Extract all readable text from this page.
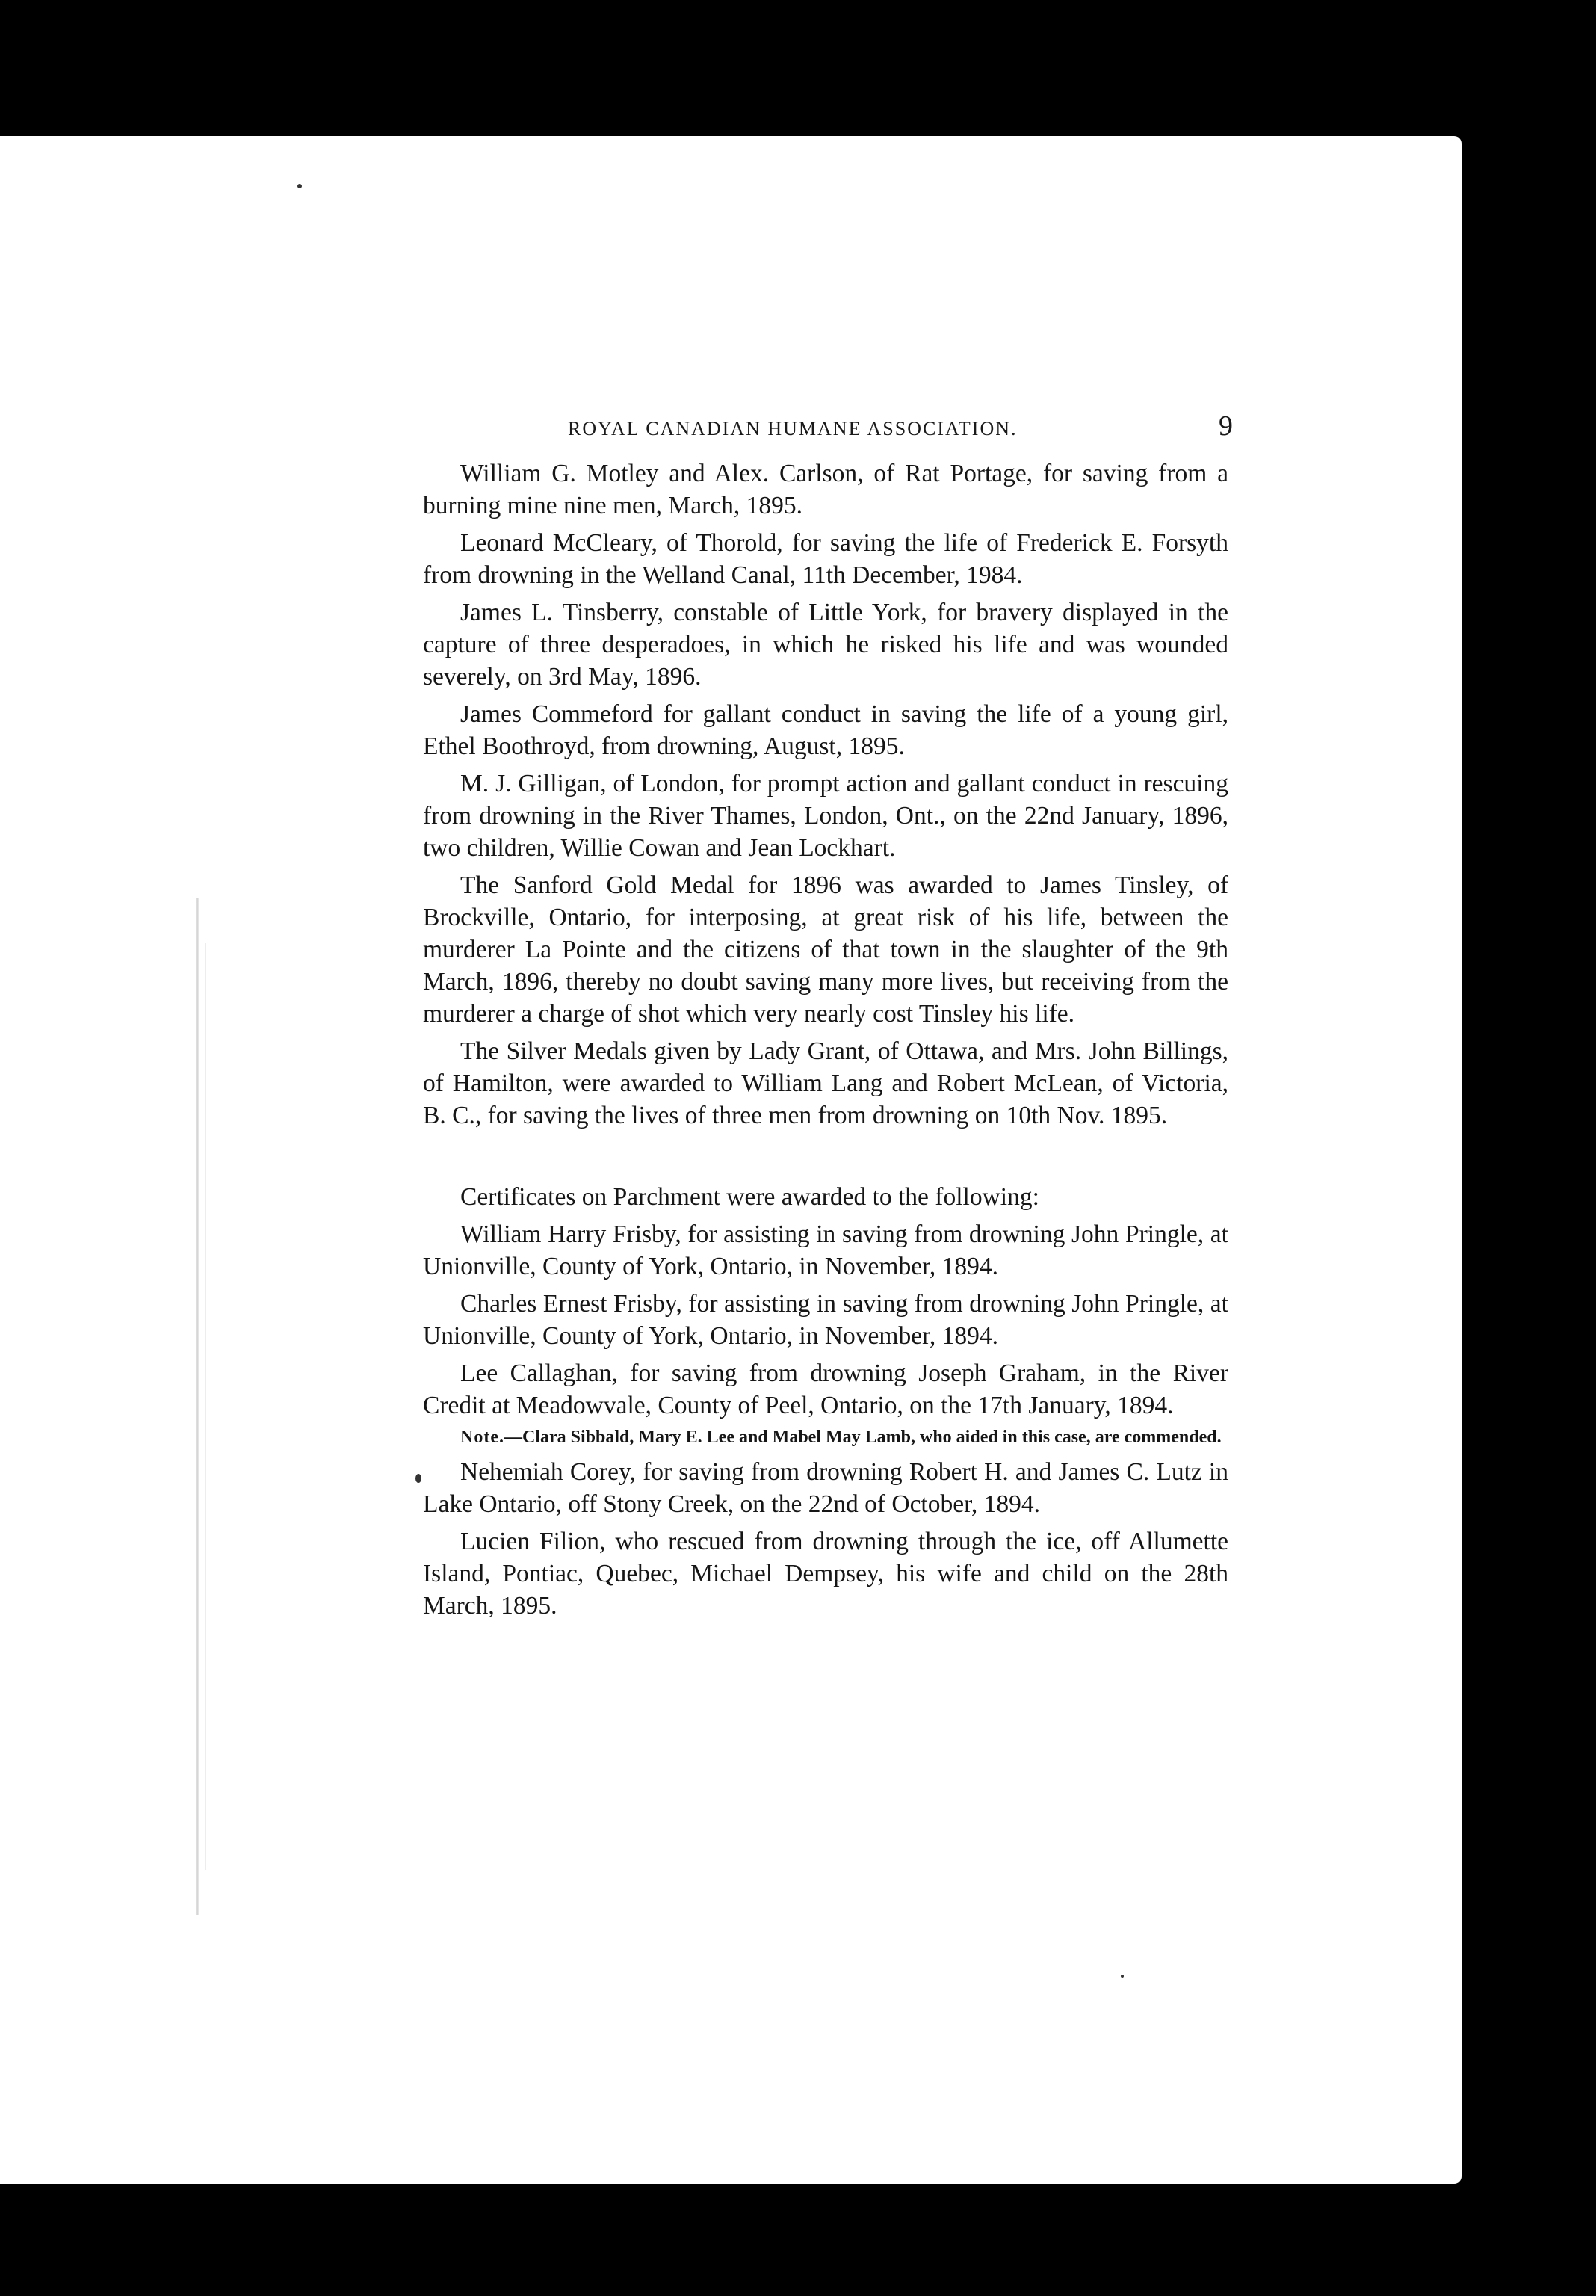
ROYAL CANADIAN HUMANE ASSOCIATION.	9

William G. Motley and Alex. Carlson, of Rat Portage, for saving from a burning mine nine men, March, 1895.

Leonard McCleary, of Thorold, for saving the life of Frederick E. Forsyth from drowning in the Welland Canal, 11th December, 1984.

James L. Tinsberry, constable of Little York, for bravery displayed in the capture of three desperadoes, in which he risked his life and was wounded severely, on 3rd May, 1896.

James Commeford for gallant conduct in saving the life of a young girl, Ethel Boothroyd, from drowning, August, 1895.

M. J. Gilligan, of London, for prompt action and gallant conduct in rescuing from drowning in the River Thames, London, Ont., on the 22nd January, 1896, two children, Willie Cowan and Jean Lockhart.

The Sanford Gold Medal for 1896 was awarded to James Tinsley, of Brockville, Ontario, for interposing, at great risk of his life, between the murderer La Pointe and the citizens of that town in the slaughter of the 9th March, 1896, thereby no doubt saving many more lives, but receiving from the murderer a charge of shot which very nearly cost Tinsley his life.

The Silver Medals given by Lady Grant, of Ottawa, and Mrs. John Billings, of Hamilton, were awarded to William Lang and Robert McLean, of Victoria, B. C., for saving the lives of three men from drowning on 10th Nov. 1895.

Certificates on Parchment were awarded to the following:

William Harry Frisby, for assisting in saving from drowning John Pringle, at Unionville, County of York, Ontario, in November, 1894.

Charles Ernest Frisby, for assisting in saving from drowning John Pringle, at Unionville, County of York, Ontario, in November, 1894.

Lee Callaghan, for saving from drowning Joseph Graham, in the River Credit at Meadowvale, County of Peel, Ontario, on the 17th January, 1894.

Note.—Clara Sibbald, Mary E. Lee and Mabel May Lamb, who aided in this case, are commended.

Nehemiah Corey, for saving from drowning Robert H. and James C. Lutz in Lake Ontario, off Stony Creek, on the 22nd of October, 1894.

Lucien Filion, who rescued from drowning through the ice, off Allumette Island, Pontiac, Quebec, Michael Dempsey, his wife and child on the 28th March, 1895.
